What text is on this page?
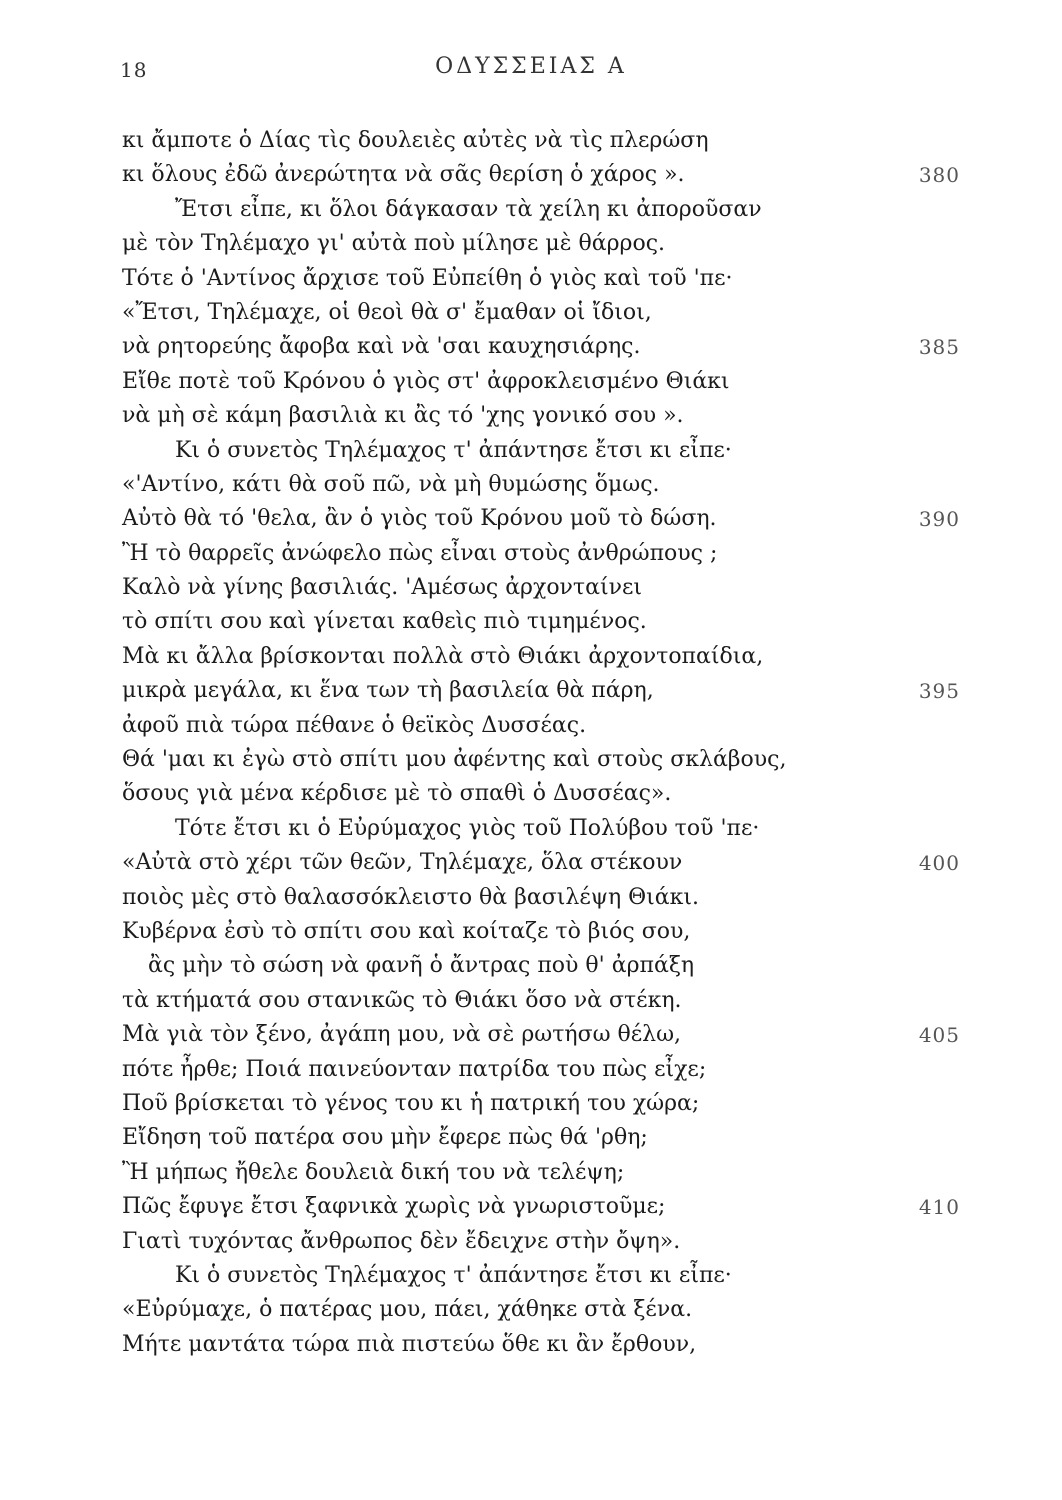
18	ΟΔΥΣΣΕΙΑΣ Α
κι ἄμποτε ὁ Δίας τὶς δουλειὲς αὐτὲς νὰ τὶς πλερώση
κι ὅλους ἐδῶ ἀνερώτητα νὰ σᾶς θερίση ὁ χάρος ».	380
Ἔτσι εἶπε, κι ὅλοι δάγκασαν τὰ χείλη κι ἀποροῦσαν
μὲ τὸν Τηλέμαχο γι' αὐτὰ ποὺ μίλησε μὲ θάρρος.
Τότε ὁ 'Αντίνος ἄρχισε τοῦ Εὐπείθη ὁ γιὸς καὶ τοῦ 'πε·
«Ἔτσι, Τηλέμαχε, οἱ θεοὶ θὰ σ' ἔμαθαν οἱ ἴδιοι,
νὰ ρητορεύης ἄφοβα καὶ νὰ 'σαι καυχησιάρης.	385
Εἴθε ποτὲ τοῦ Κρόνου ὁ γιὸς στ' ἀφροκλεισμένο Θιάκι
νὰ μὴ σὲ κάμη βασιλιὰ κι ἂς τό 'χης γονικό σου ».
Κι ὁ συνετὸς Τηλέμαχος τ' ἀπάντησε ἔτσι κι εἶπε·
«'Αντίνο, κάτι θὰ σοῦ πῶ, νὰ μὴ θυμώσης ὅμως.
Αὐτὸ θὰ τό 'θελα, ἂν ὁ γιὸς τοῦ Κρόνου μοῦ τὸ δώση.	390
Ἢ τὸ θαρρεῖς ἀνώφελο πὼς εἶναι στοὺς ἀνθρώπους ;
Καλὸ νὰ γίνης βασιλιάς. 'Αμέσως ἀρχονταίνει
τὸ σπίτι σου καὶ γίνεται καθεὶς πιὸ τιμημένος.
Μὰ κι ἄλλα βρίσκονται πολλὰ στὸ Θιάκι ἀρχοντοπαίδια,
μικρὰ μεγάλα, κι ἕνα των τὴ βασιλεία θὰ πάρη,	395
ἀφοῦ πιὰ τώρα πέθανε ὁ θεϊκὸς Δυσσέας.
Θά 'μαι κι ἐγὼ στὸ σπίτι μου ἀφέντης καὶ στοὺς σκλάβους,
ὅσους γιὰ μένα κέρδισε μὲ τὸ σπαθὶ ὁ Δυσσέας».
Τότε ἔτσι κι ὁ Εὐρύμαχος γιὸς τοῦ Πολύβου τοῦ 'πε·
«Αὐτὰ στὸ χέρι τῶν θεῶν, Τηλέμαχε, ὅλα στέκουν	400
ποιὸς μὲς στὸ θαλασσόκλειστο θὰ βασιλέψη Θιάκι.
Κυβέρνα ἐσὺ τὸ σπίτι σου καὶ κοίταζε τὸ βιός σου,
ἂς μὴν τὸ σώση νὰ φανῆ ὁ ἄντρας ποὺ θ' ἀρπάξη
τὰ κτήματά σου στανικῶς τὸ Θιάκι ὅσο νὰ στέκη.
Μὰ γιὰ τὸν ξένο, ἀγάπη μου, νὰ σὲ ρωτήσω θέλω,	405
πότε ἦρθε; Ποιά παινεύονταν πατρίδα του πὼς εἶχε;
Ποῦ βρίσκεται τὸ γένος του κι ἡ πατρική του χώρα;
Εἴδηση τοῦ πατέρα σου μὴν ἔφερε πὼς θά 'ρθη;
Ἢ μήπως ἤθελε δουλειὰ δική του νὰ τελέψη;
Πῶς ἔφυγε ἔτσι ξαφνικὰ χωρὶς νὰ γνωριστοῦμε;	410
Γιατὶ τυχόντας ἄνθρωπος δὲν ἔδειχνε στὴν ὄψη».
Κι ὁ συνετὸς Τηλέμαχος τ' ἀπάντησε ἔτσι κι εἶπε·
«Εὐρύμαχε, ὁ πατέρας μου, πάει, χάθηκε στὰ ξένα.
Μήτε μαντάτα τώρα πιὰ πιστεύω ὅθε κι ἂν ἔρθουν,
